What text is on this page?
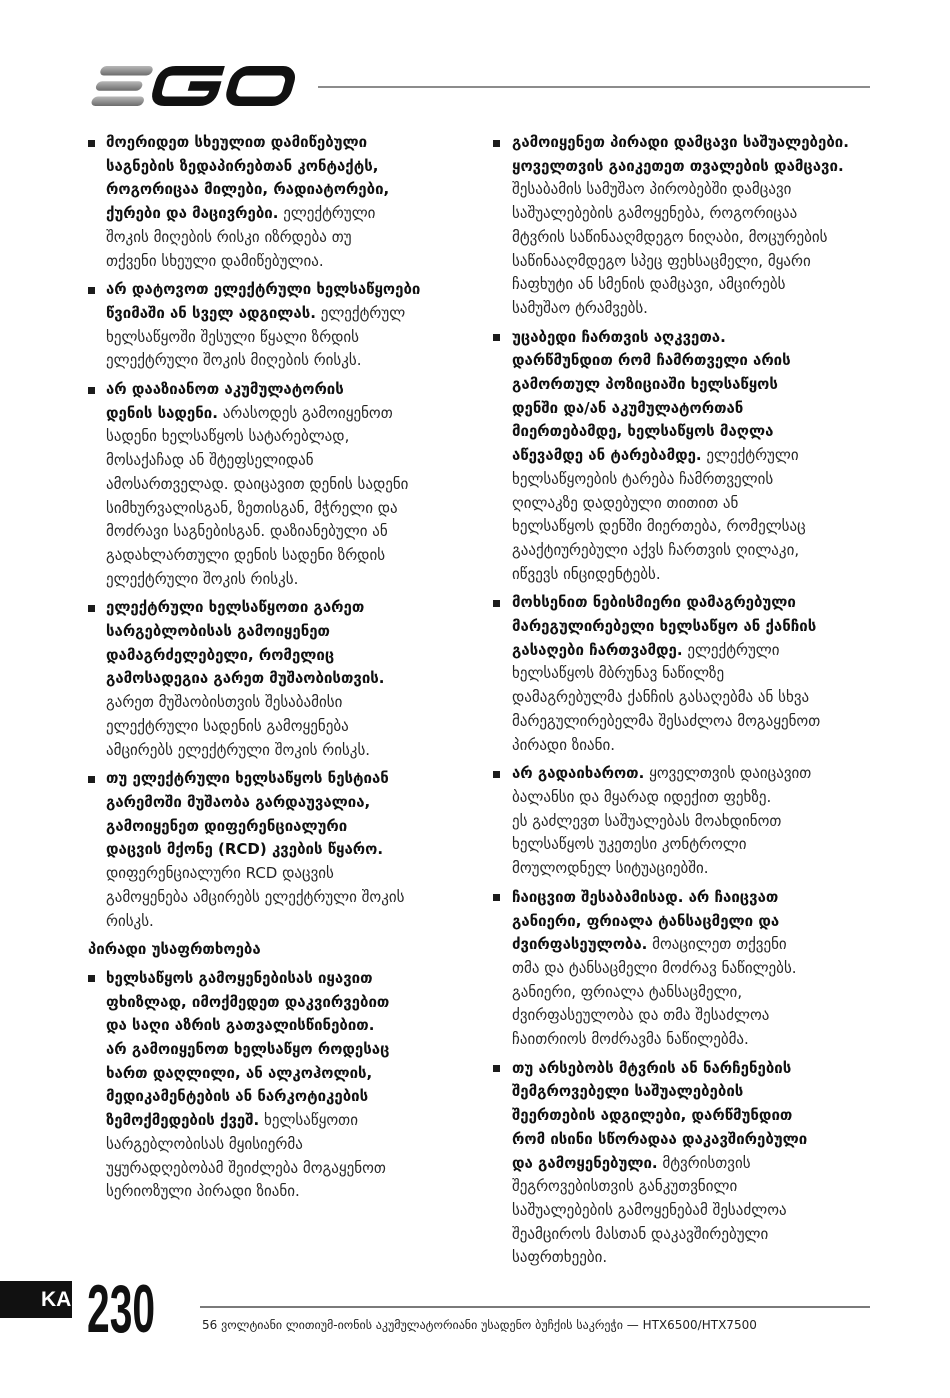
მოერიდეთ სხეულით დამიწებული
საგნების ზედაპირებთან კონტაქტს,
როგორიცაა მილები, რადიატორები,
ქურები და მაცივრები. ელექტრული
შოკის მიღების რისკი იზრდება თუ
თქვენი სხეული დამიწებულია.
არ დატოვოთ ელექტრული ხელსაწყოები
წვიმაში ან სველ ადგილას. ელექტრულ
ხელსაწყოში შესული წყალი ზრდის
ელექტრული შოკის მიღების რისკს.
არ დააზიანოთ აკუმულატორის
დენის სადენი. არასოდეს გამოიყენოთ
სადენი ხელსაწყოს სატარებლად,
მოსაქაჩად ან შტეფსელიდან
ამოსართველად. დაიცავით დენის სადენი
სიმხურვალისგან, ზეთისგან, მჭრელი და
მოძრავი საგნებისგან. დაზიანებული ან
გადახლართული დენის სადენი ზრდის
ელექტრული შოკის რისკს.
ელექტრული ხელსაწყოთი გარეთ
სარგებლობისას გამოიყენეთ
დამაგრძელებელი, რომელიც
გამოსადეგია გარეთ მუშაობისთვის.
გარეთ მუშაობისთვის შესაბამისი
ელექტრული სადენის გამოყენება
ამცირებს ელექტრული შოკის რისკს.
თუ ელექტრული ხელსაწყოს ნესტიან
გარემოში მუშაობა გარდაუვალია,
გამოიყენეთ დიფერენციალური
დაცვის მქონე (RCD) კვების წყარო.
დიფერენციალური RCD დაცვის
გამოყენება ამცირებს ელექტრული შოკის
რისკს.
პირადი უსაფრთხოება
ხელსაწყოს გამოყენებისას იყავით
ფხიზლად, იმოქმედეთ დაკვირვებით
და საღი აზრის გათვალისწინებით.
არ გამოიყენოთ ხელსაწყო როდესაც
ხართ დაღლილი, ან ალკოჰოლის,
მედიკამენტების ან ნარკოტიკების
ზემოქმედების ქვეშ. ხელსაწყოთი
სარგებლობისას მყისიერმა
უყურადღებობამ შეიძლება მოგაყენოთ
სერიოზული პირადი ზიანი.
გამოიყენეთ პირადი დამცავი საშუალებები.
ყოველთვის გაიკეთეთ თვალების დამცავი.
შესაბამის სამუშაო პირობებში დამცავი
საშუალებების გამოყენება, როგორიცაა
მტვრის საწინააღმდეგო ნიღაბი, მოცურების
საწინააღმდეგო სპეც ფეხსაცმელი, მყარი
ჩაფხუტი ან სმენის დამცავი, ამცირებს
სამუშაო ტრამვებს.
უცაბედი ჩართვის აღკვეთა.
დარწმუნდით რომ ჩამრთველი არის
გამორთულ პოზიციაში ხელსაწყოს
დენში და/ან აკუმულატორთან
მიერთებამდე, ხელსაწყოს მაღლა
აწევამდე ან ტარებამდე. ელექტრული
ხელსაწყოების ტარება ჩამრთველის
ღილაკზე დადებული თითით ან
ხელსაწყოს დენში მიერთება, რომელსაც
გააქტიურებული აქვს ჩართვის ღილაკი,
იწვევს ინციდენტებს.
მოხსენით ნებისმიერი დამაგრებული
მარეგულირებელი ხელსაწყო ან ქანჩის
გასაღები ჩართვამდე. ელექტრული
ხელსაწყოს მბრუნავ ნაწილზე
დამაგრებულმა ქანჩის გასაღებმა ან სხვა
მარეგულირებელმა შესაძლოა მოგაყენოთ
პირადი ზიანი.
არ გადაიხაროთ. ყოველთვის დაიცავით
ბალანსი და მყარად იდექით ფეხზე.
ეს გაძლევთ საშუალებას მოახდინოთ
ხელსაწყოს უკეთესი კონტროლი
მოულოდნელ სიტუაციებში.
ჩაიცვით შესაბამისად. არ ჩაიცვათ
განიერი, ფრიალა ტანსაცმელი და
ძვირფასეულობა. მოაცილეთ თქვენი
თმა და ტანსაცმელი მოძრავ ნაწილებს.
განიერი, ფრიალა ტანსაცმელი,
ძვირფასეულობა და თმა შესაძლოა
ჩაითრიოს მოძრავმა ნაწილებმა.
თუ არსებობს მტვრის ან ნარჩენების
შემგროვებელი საშუალებების
შეერთების ადგილები, დარწმუნდით
რომ ისინი სწორადაა დაკავშირებული
და გამოყენებული. მტვრისთვის
შეგროვებისთვის განკუთვნილი
საშუალებების გამოყენებამ შესაძლოა
შეამციროს მასთან დაკავშირებული
საფრთხეები.
KA 230	56 ვოლტიანი ლითიუმ-იონის აკუმულატორიანი უსადენო ბუჩქის საკრეჭი — HTX6500/HTX7500
